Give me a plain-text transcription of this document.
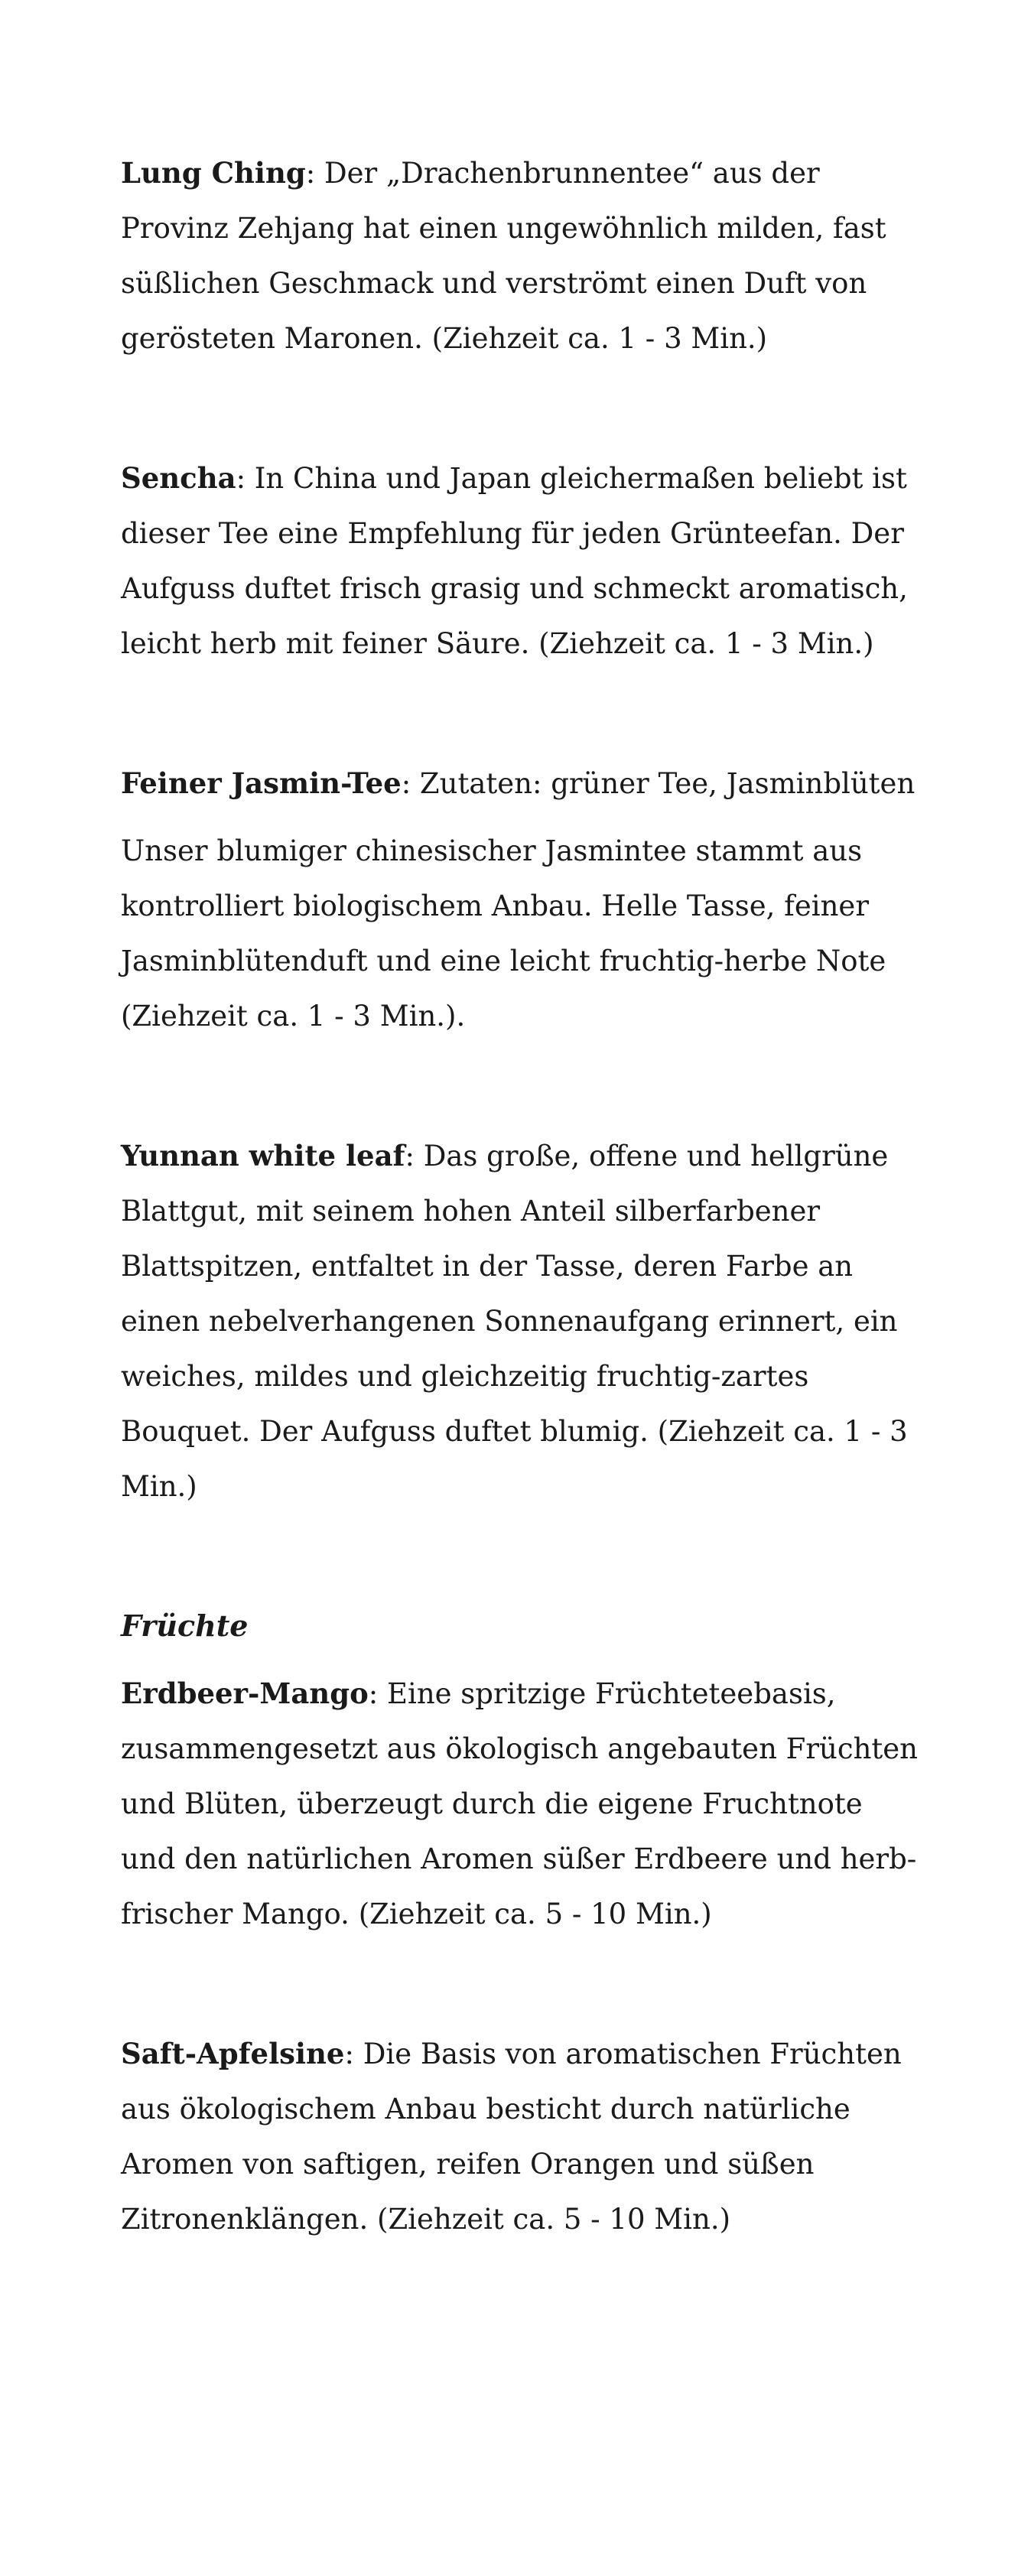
Lung Ching: Der „Drachenbrunnentee“ aus der Provinz Zehjang hat einen ungewöhnlich milden, fast süßlichen Geschmack und verströmt einen Duft von gerösteten Maronen. (Ziehzeit ca. 1 - 3 Min.)

Sencha: In China und Japan gleichermaßen beliebt ist dieser Tee eine Empfehlung für jeden Grünteefan. Der Aufguss duftet frisch grasig und schmeckt aromatisch, leicht herb mit feiner Säure. (Ziehzeit ca. 1 - 3 Min.)

Feiner Jasmin-Tee: Zutaten: grüner Tee, Jasminblüten

Unser blumiger chinesischer Jasmintee stammt aus kontrolliert biologischem Anbau. Helle Tasse, feiner Jasminblütenduft und eine leicht fruchtig-herbe Note (Ziehzeit ca. 1 - 3 Min.).

Yunnan white leaf: Das große, offene und hellgrüne Blattgut, mit seinem hohen Anteil silberfarbener Blattspitzen, entfaltet in der Tasse, deren Farbe an einen nebelverhangenen Sonnenaufgang erinnert, ein weiches, mildes und gleichzeitig fruchtig-zartes Bouquet. Der Aufguss duftet blumig. (Ziehzeit ca. 1 - 3 Min.)

Früchte

Erdbeer-Mango: Eine spritzige Früchteteebasis, zusammengesetzt aus ökologisch angebauten Früchten und Blüten, überzeugt durch die eigene Fruchtnote und den natürlichen Aromen süßer Erdbeere und herb-frischer Mango. (Ziehzeit ca. 5 - 10 Min.)

Saft-Apfelsine: Die Basis von aromatischen Früchten aus ökologischem Anbau besticht durch natürliche Aromen von saftigen, reifen Orangen und süßen Zitronenklängen. (Ziehzeit ca. 5 - 10 Min.)
